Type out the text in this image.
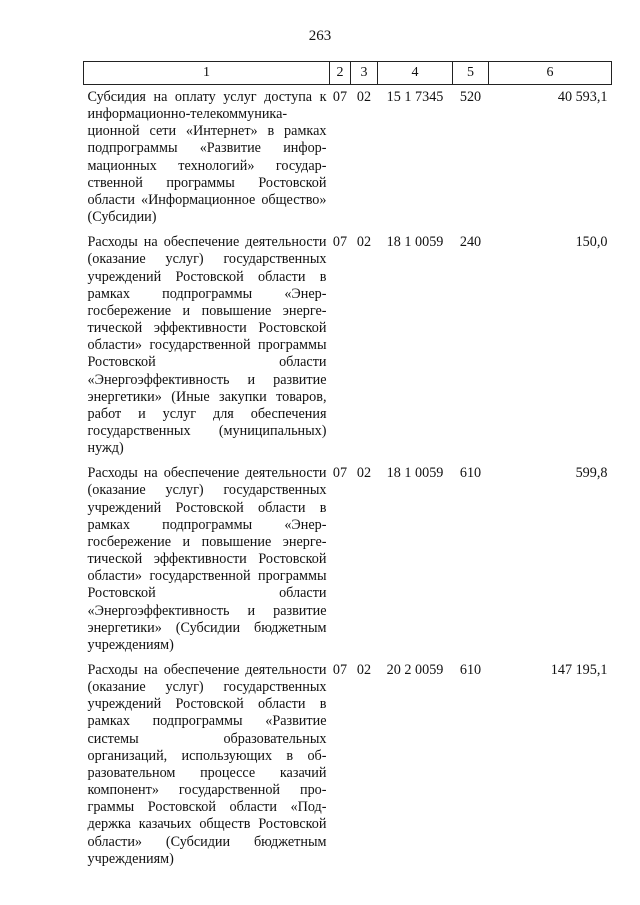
263
1	2	3	4	5	6
Субсидия на оплату услуг доступа к информационно-телекоммуникационной сети «Интернет» в рамках подпрограммы «Развитие информационных технологий» государственной программы Ростовской области «Информационное общество» (Субсидии)	07	02	15 1 7345	520	40 593,1

Расходы на обеспечение деятельности (оказание услуг) государственных учреждений Ростовской области в рамках подпрограммы «Энергосбережение и повышение энергетической эффективности Ростовской области» государственной программы Ростовской области «Энергоэффективность и развитие энергетики» (Иные закупки товаров, работ и услуг для обеспечения государственных (муниципальных) нужд)	07	02	18 1 0059	240	150,0

Расходы на обеспечение деятельности (оказание услуг) государственных учреждений Ростовской области в рамках подпрограммы «Энергосбережение и повышение энергетической эффективности Ростовской области» государственной программы Ростовской области «Энергоэффективность и развитие энергетики» (Субсидии бюджетным учреждениям)	07	02	18 1 0059	610	599,8

Расходы на обеспечение деятельности (оказание услуг) государственных учреждений Ростовской области в рамках подпрограммы «Развитие системы образовательных организаций, использующих в образовательном процессе казачий компонент» государственной программы Ростовской области «Поддержка казачьих обществ Ростовской области» (Субсидии бюджетным учреждениям)	07	02	20 2 0059	610	147 195,1
